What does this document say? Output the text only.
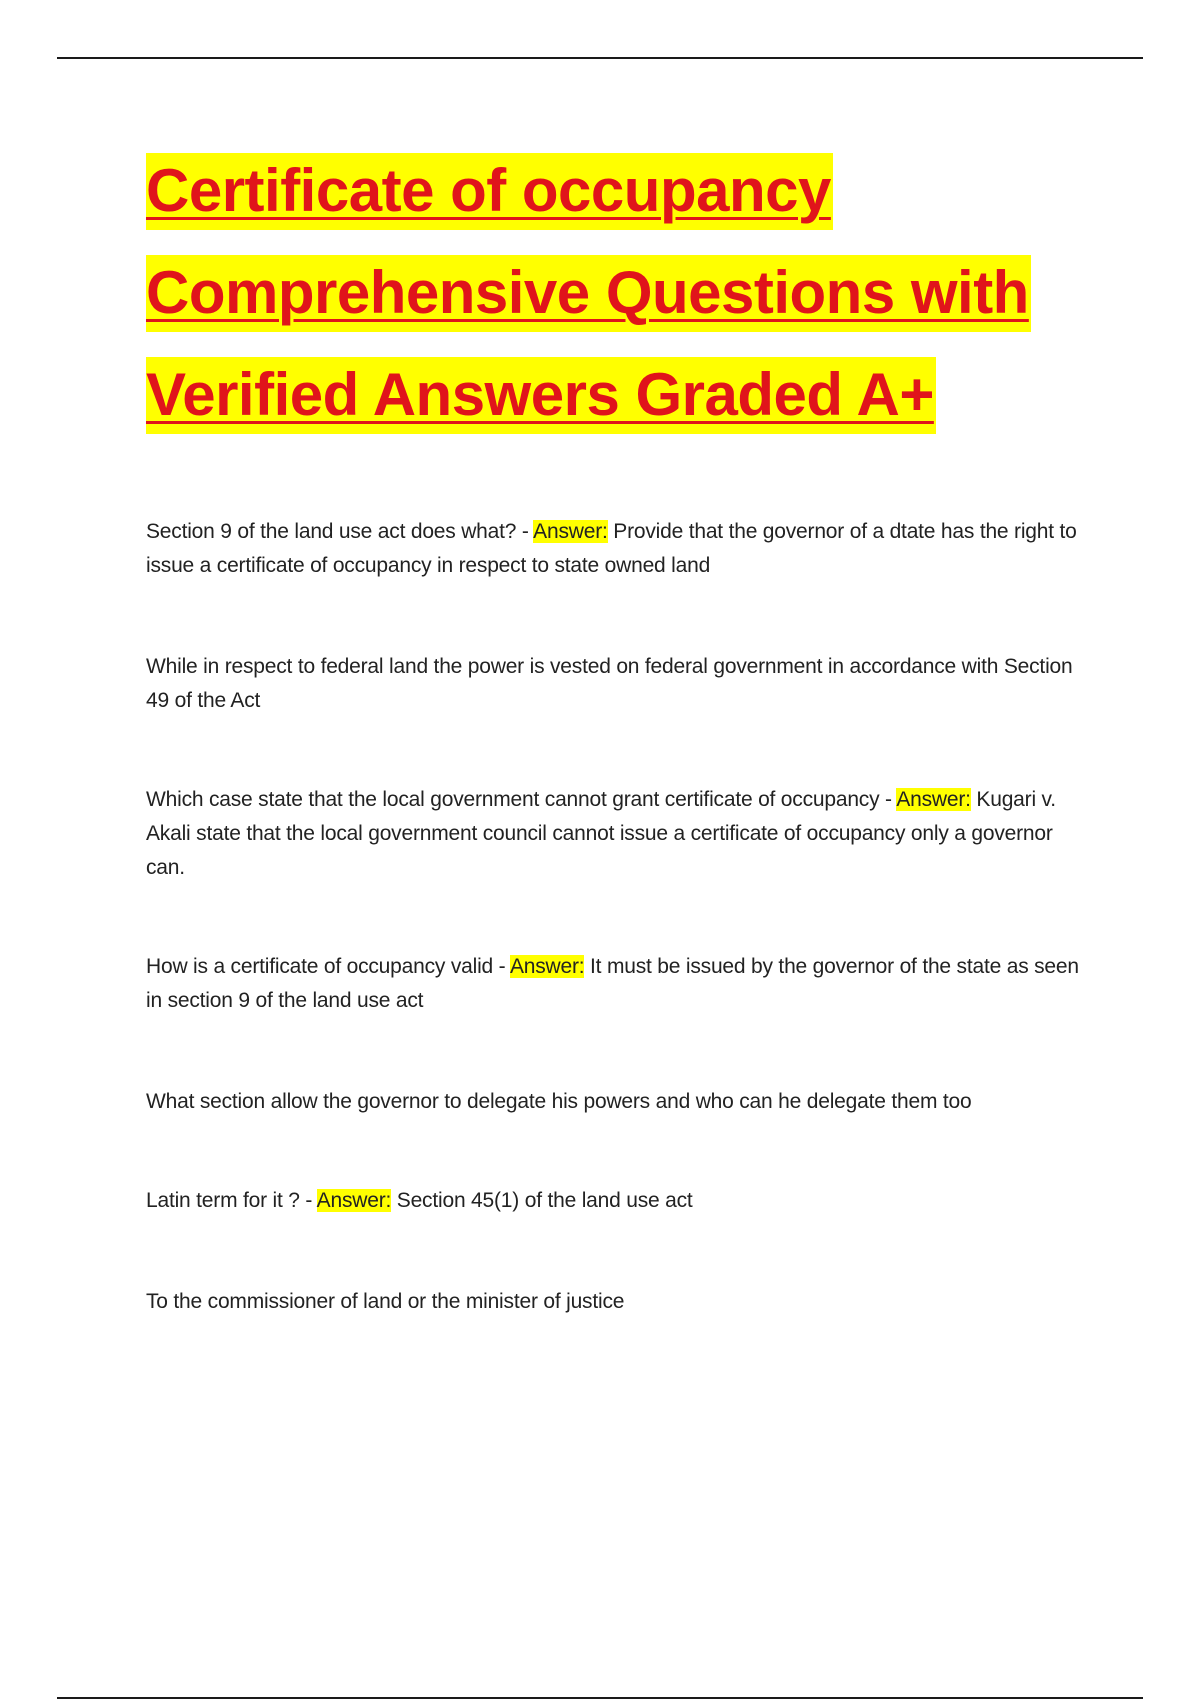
Certificate of occupancy
Comprehensive Questions with
Verified Answers Graded A+

Section 9 of the land use act does what? - Answer: Provide that the governor of a dtate has the right to issue a certificate of occupancy in respect to state owned land

While in respect to federal land the power is vested on federal government in accordance with Section 49 of the Act

Which case state that the local government cannot grant certificate of occupancy - Answer: Kugari v. Akali state that the local government council cannot issue a certificate of occupancy only a governor can.

How is a certificate of occupancy valid - Answer: It must be issued by the governor of the state as seen in section 9 of the land use act

What section allow the governor to delegate his powers and who can he delegate them too

Latin term for it ? - Answer: Section 45(1) of the land use act

To the commissioner of land or the minister of justice
